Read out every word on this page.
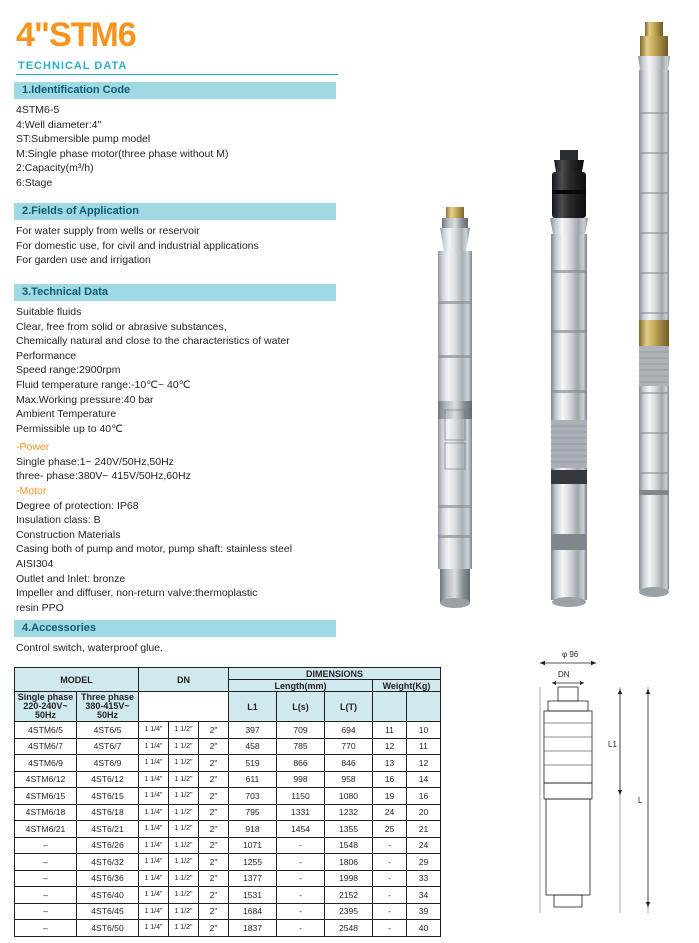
4"STM6
TECHNICAL DATA
1.Identification Code
4STM6-5
4:Well diameter:4"
ST:Submersible pump model
M:Single phase motor(three phase without M)
2:Capacity(m³/h)
6:Stage
2.Fields of Application
For water supply from wells or reservoir
For domestic use, for civil and industrial applications
For garden use and irrigation
3.Technical Data
Suitable fluids
Clear, free from solid or abrasive substances,
Chemically natural and close to the characteristics of water
Performance
Speed range:2900rpm
Fluid temperature range:-10℃~ 40℃
Max.Working pressure:40 bar
Ambient Temperature
Permissible up to 40℃
-Power
Single phase:1~ 240V/50Hz,50Hz
three- phase:380V~ 415V/50Hz,60Hz
-Motor
Degree of protection: IP68
Insulation class: B
Construction Materials
Casing both of pump and motor, pump shaft: stainless steel
AISI304
Outlet and Inlet: bronze
Impeller and diffuser, non-return valve:thermoplastic
resin PPO
4.Accessories
Control switch, waterproof glue.
MODEL		DN			DIMENSIONS				
					Length(mm)			Weight(Kg)	

Single phase
220-240V~
50Hz

Three phase
380-415V~
50Hz
	L1	L(s)	L(T)		

4STM6/5	4ST6/5	1 1/4"	1 1/2"	2"	397	709	694	11	10
4STM6/7	4ST6/7	1 1/4"	1 1/2"	2"	458	785	770	12	11
4STM6/9	4ST6/9	1 1/4"	1 1/2"	2"	519	866	846	13	12
4STM6/12	4ST6/12	1 1/4"	1 1/2"	2"	611	998	958	16	14
4STM6/15	4ST6/15	1 1/4"	1 1/2"	2"	703	1150	1080	19	16
4STM6/18	4ST6/18	1 1/4"	1 1/2"	2"	795	1331	1232	24	20
4STM6/21	4ST6/21	1 1/4"	1 1/2"	2"	918	1454	1355	25	21
–	4ST6/26	1 1/4"	1 1/2"	2"	1071	-	1548	-	24
–	4ST6/32	1 1/4"	1 1/2"	2"	1255	-	1806	-	29
–	4ST6/36	1 1/4"	1 1/2"	2"	1377	-	1998	-	33
–	4ST6/40	1 1/4"	1 1/2"	2"	1531	-	2152	-	34
–	4ST6/45	1 1/4"	1 1/2"	2"	1684	-	2395	-	39
–	4ST6/50	1 1/4"	1 1/2"	2"	1837	-	2548	-	40
φ 96
DN
L1
L
